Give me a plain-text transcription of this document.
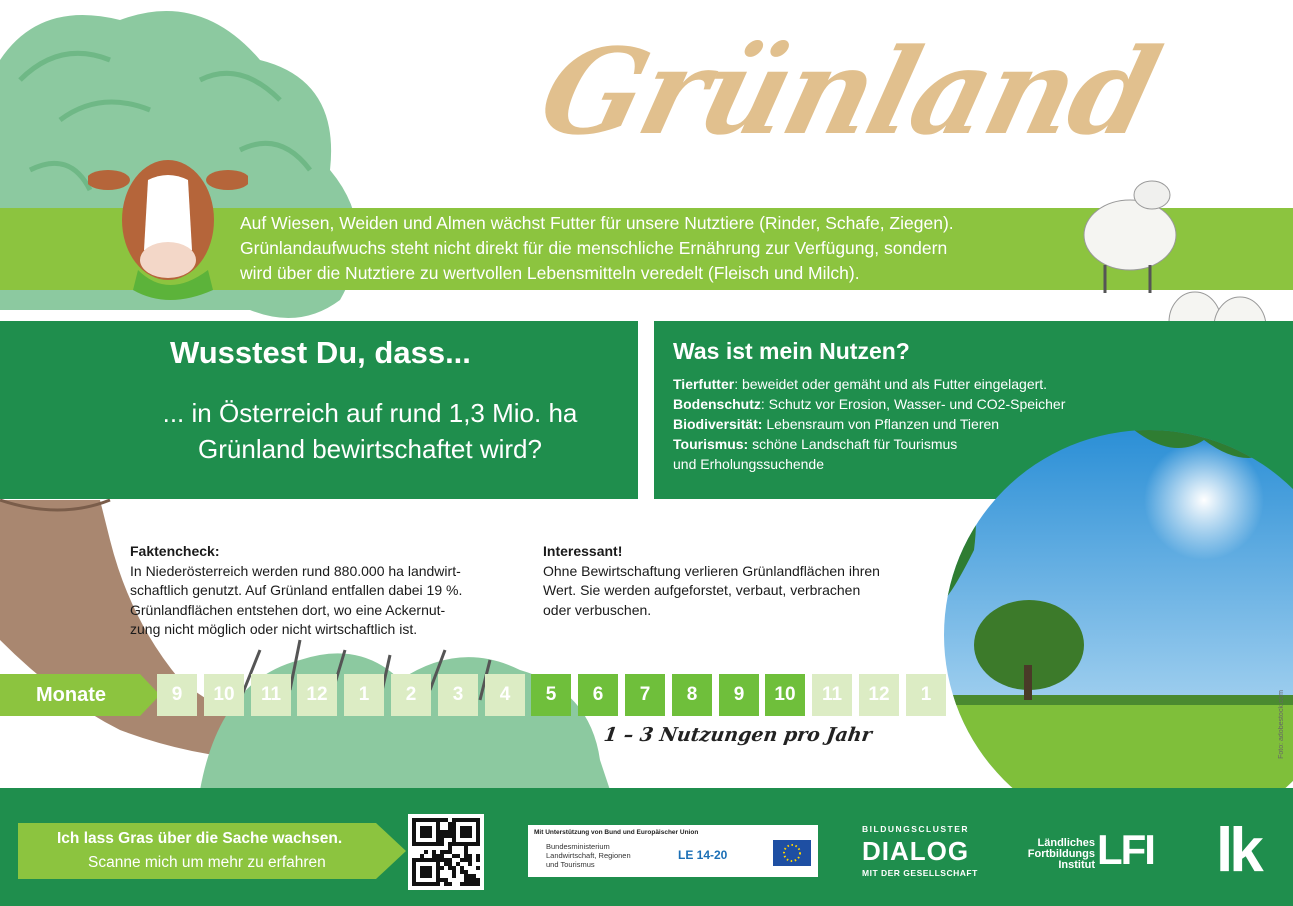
Grünland
Auf Wiesen, Weiden und Almen wächst Futter für unsere Nutztiere (Rinder, Schafe, Ziegen).
Grünlandaufwuchs steht nicht direkt für die menschliche Ernährung zur Verfügung, sondern
wird über die Nutztiere zu wertvollen Lebensmitteln veredelt (Fleisch und Milch).
Wusstest Du, dass...
... in Österreich auf rund 1,3 Mio. ha
Grünland bewirtschaftet wird?
Was ist mein Nutzen?
Tierfutter: beweidet oder gemäht und als Futter eingelagert.
Bodenschutz: Schutz vor Erosion, Wasser- und CO2-Speicher
Biodiversität: Lebensraum von Pflanzen und Tieren
Tourismus: schöne Landschaft für Tourismus
und Erholungssuchende
Foto: adobestock.com
Faktencheck:
In Niederösterreich werden rund 880.000 ha landwirt-
schaftlich genutzt. Auf Grünland entfallen dabei 19 %.
Grünlandflächen entstehen dort, wo eine Ackernut-
zung nicht möglich oder nicht wirtschaftlich ist.
Interessant!
Ohne Bewirtschaftung verlieren Grünlandflächen ihren
Wert. Sie werden aufgeforstet, verbaut, verbrachen
oder verbuschen.
Monate	9	10	11	12	1	2	3	4	5	6	7	8	9	10	11	12	1
1 – 3 Nutzungen pro Jahr
Ich lass Gras über die Sache wachsen.
Scanne mich um mehr zu erfahren
Mit Unterstützung von Bund und Europäischer Union
Bundesministerium
Landwirtschaft, Regionen
und Tourismus
LE 14-20
BILDUNGSCLUSTER
DIALOG
MIT DER GESELLSCHAFT
Ländliches
Fortbildungs
Institut LFI lk
